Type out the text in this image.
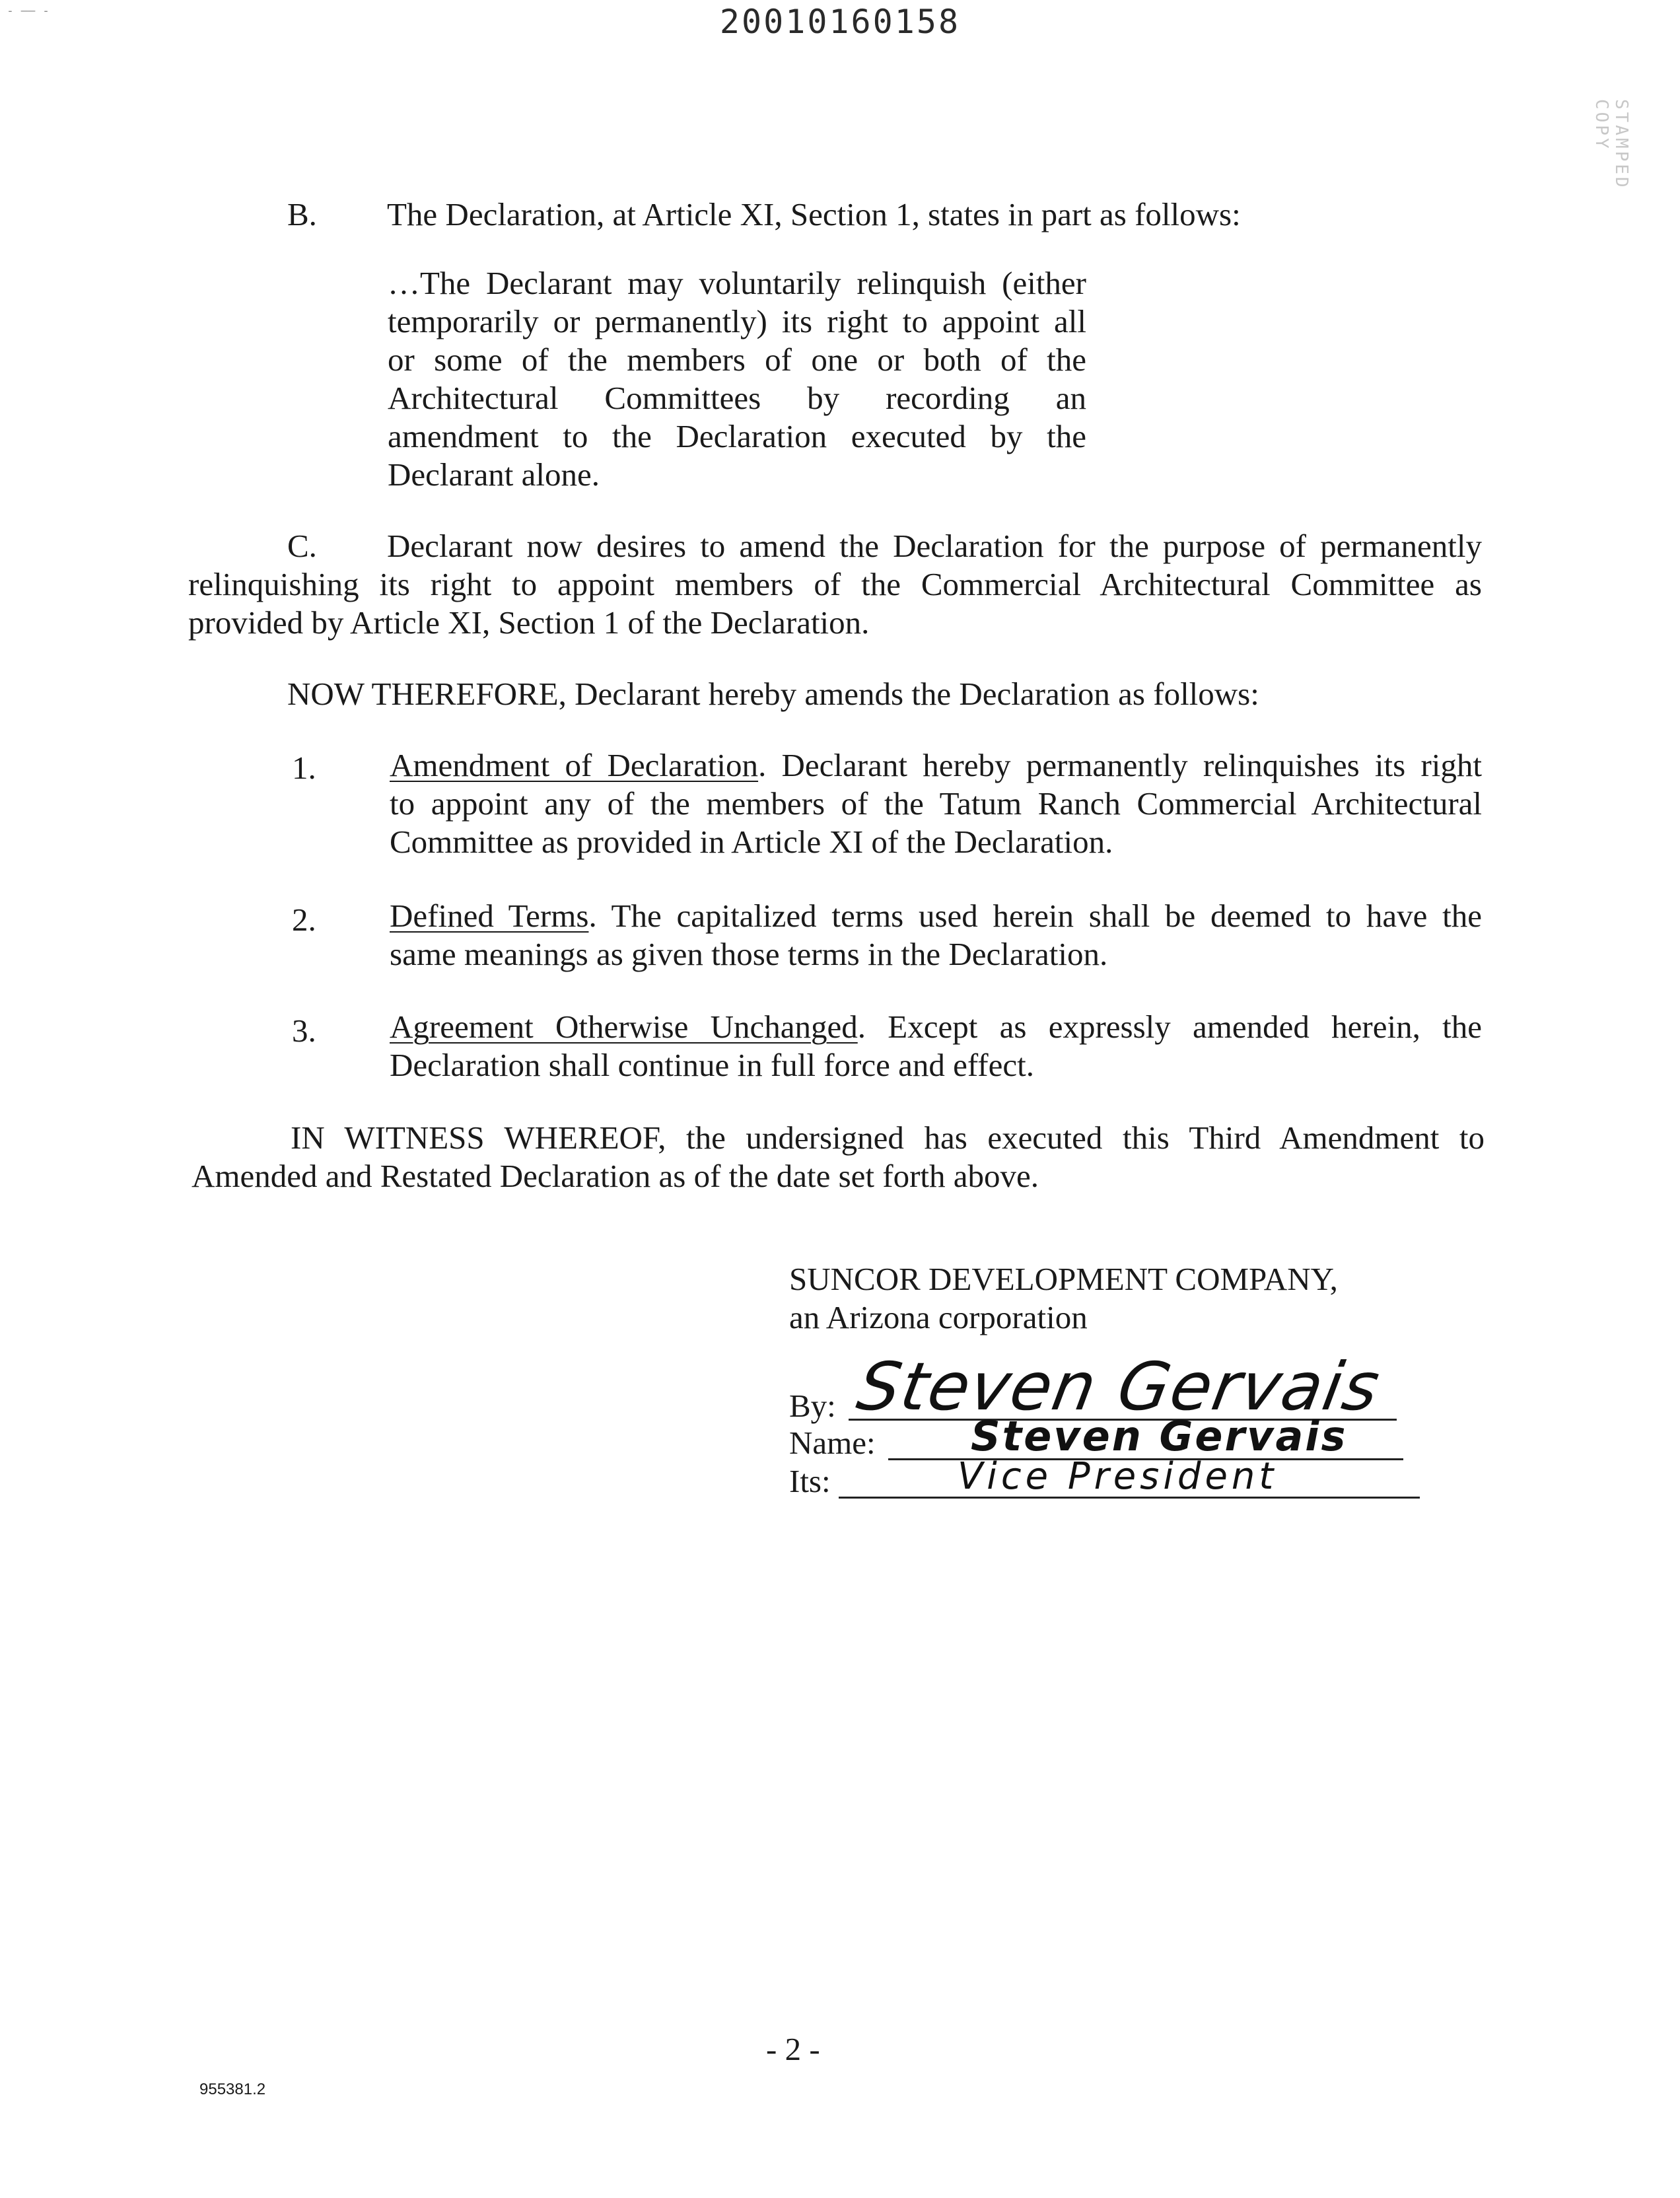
- —— -	20010160158
STAMPED COPY
B. The Declaration, at Article XI, Section 1, states in part as follows:
…The Declarant may voluntarily relinquish (either
temporarily or permanently) its right to appoint all
or some of the members of one or both of the
Architectural Committees by recording an
amendment to the Declaration executed by the
Declarant alone.
C. Declarant now desires to amend the Declaration for the purpose of permanently
relinquishing its right to appoint members of the Commercial Architectural Committee as
provided by Article XI, Section 1 of the Declaration.
NOW THEREFORE, Declarant hereby amends the Declaration as follows:
1. Amendment of Declaration. Declarant hereby permanently relinquishes its right
to appoint any of the members of the Tatum Ranch Commercial Architectural
Committee as provided in Article XI of the Declaration.
2. Defined Terms. The capitalized terms used herein shall be deemed to have the
same meanings as given those terms in the Declaration.
3. Agreement Otherwise Unchanged. Except as expressly amended herein, the
Declaration shall continue in full force and effect.
IN WITNESS WHEREOF, the undersigned has executed this Third Amendment to
Amended and Restated Declaration as of the date set forth above.
SUNCOR DEVELOPMENT COMPANY,
an Arizona corporation
By: Steven Gervais
Name: Steven Gervais
Its:	Vice President
- 2 -
955381.2
